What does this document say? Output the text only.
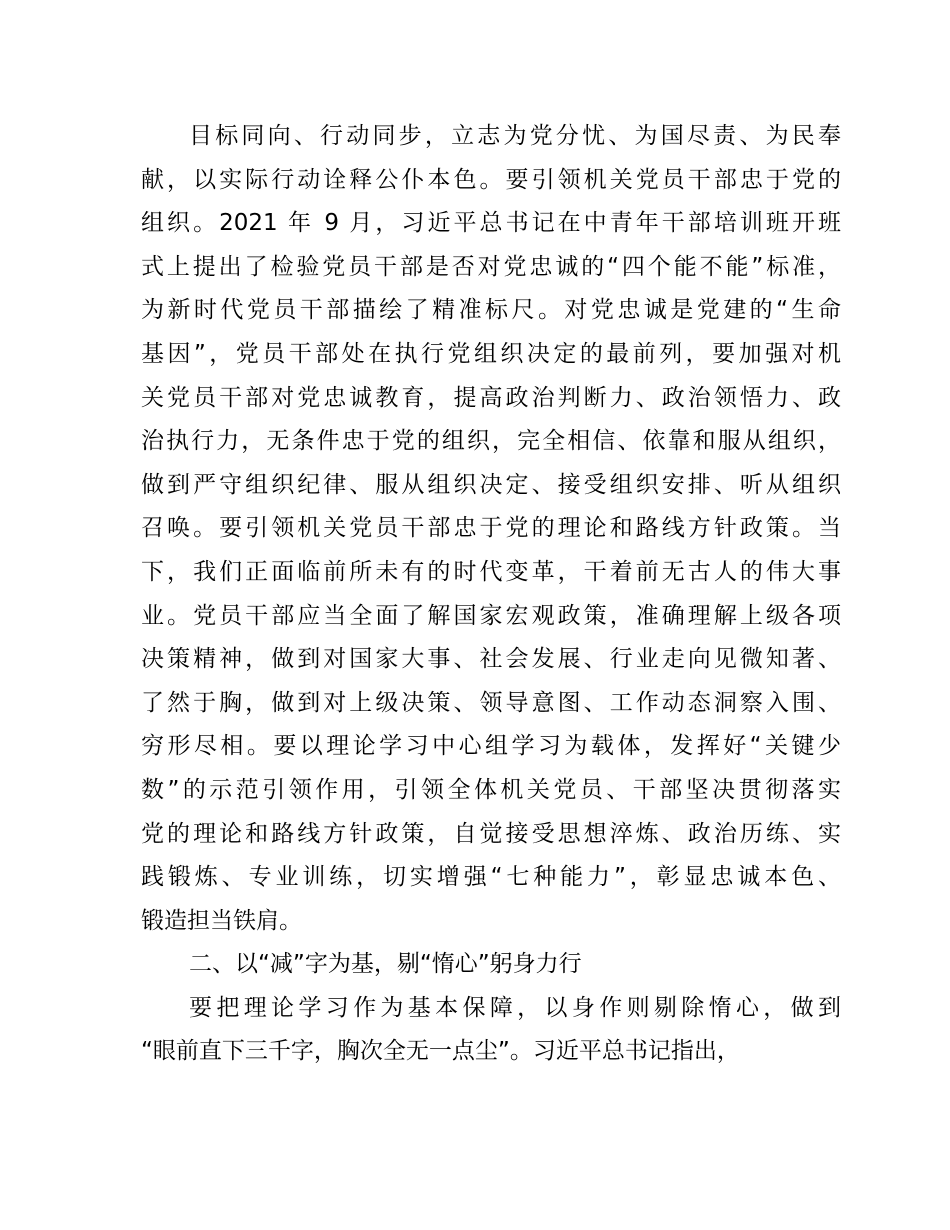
目标同向、行动同步，立志为党分忧、为国尽责、为民奉
献，以实际行动诠释公仆本色。要引领机关党员干部忠于党的
组织。2021 年 9 月，习近平总书记在中青年干部培训班开班
式上提出了检验党员干部是否对党忠诚的“四个能不能”标准，
为新时代党员干部描绘了精准标尺。对党忠诚是党建的“生命
基因”，党员干部处在执行党组织决定的最前列，要加强对机
关党员干部对党忠诚教育，提高政治判断力、政治领悟力、政
治执行力，无条件忠于党的组织，完全相信、依靠和服从组织，
做到严守组织纪律、服从组织决定、接受组织安排、听从组织
召唤。要引领机关党员干部忠于党的理论和路线方针政策。当
下，我们正面临前所未有的时代变革，干着前无古人的伟大事
业。党员干部应当全面了解国家宏观政策，准确理解上级各项
决策精神，做到对国家大事、社会发展、行业走向见微知著、
了然于胸，做到对上级决策、领导意图、工作动态洞察入围、
穷形尽相。要以理论学习中心组学习为载体，发挥好“关键少
数”的示范引领作用，引领全体机关党员、干部坚决贯彻落实
党的理论和路线方针政策，自觉接受思想淬炼、政治历练、实
践锻炼、专业训练，切实增强“七种能力”，彰显忠诚本色、
锻造担当铁肩。
二、以“减”字为基，剔“惰心”躬身力行
要把理论学习作为基本保障，以身作则剔除惰心，做到
“眼前直下三千字，胸次全无一点尘”。习近平总书记指出，
